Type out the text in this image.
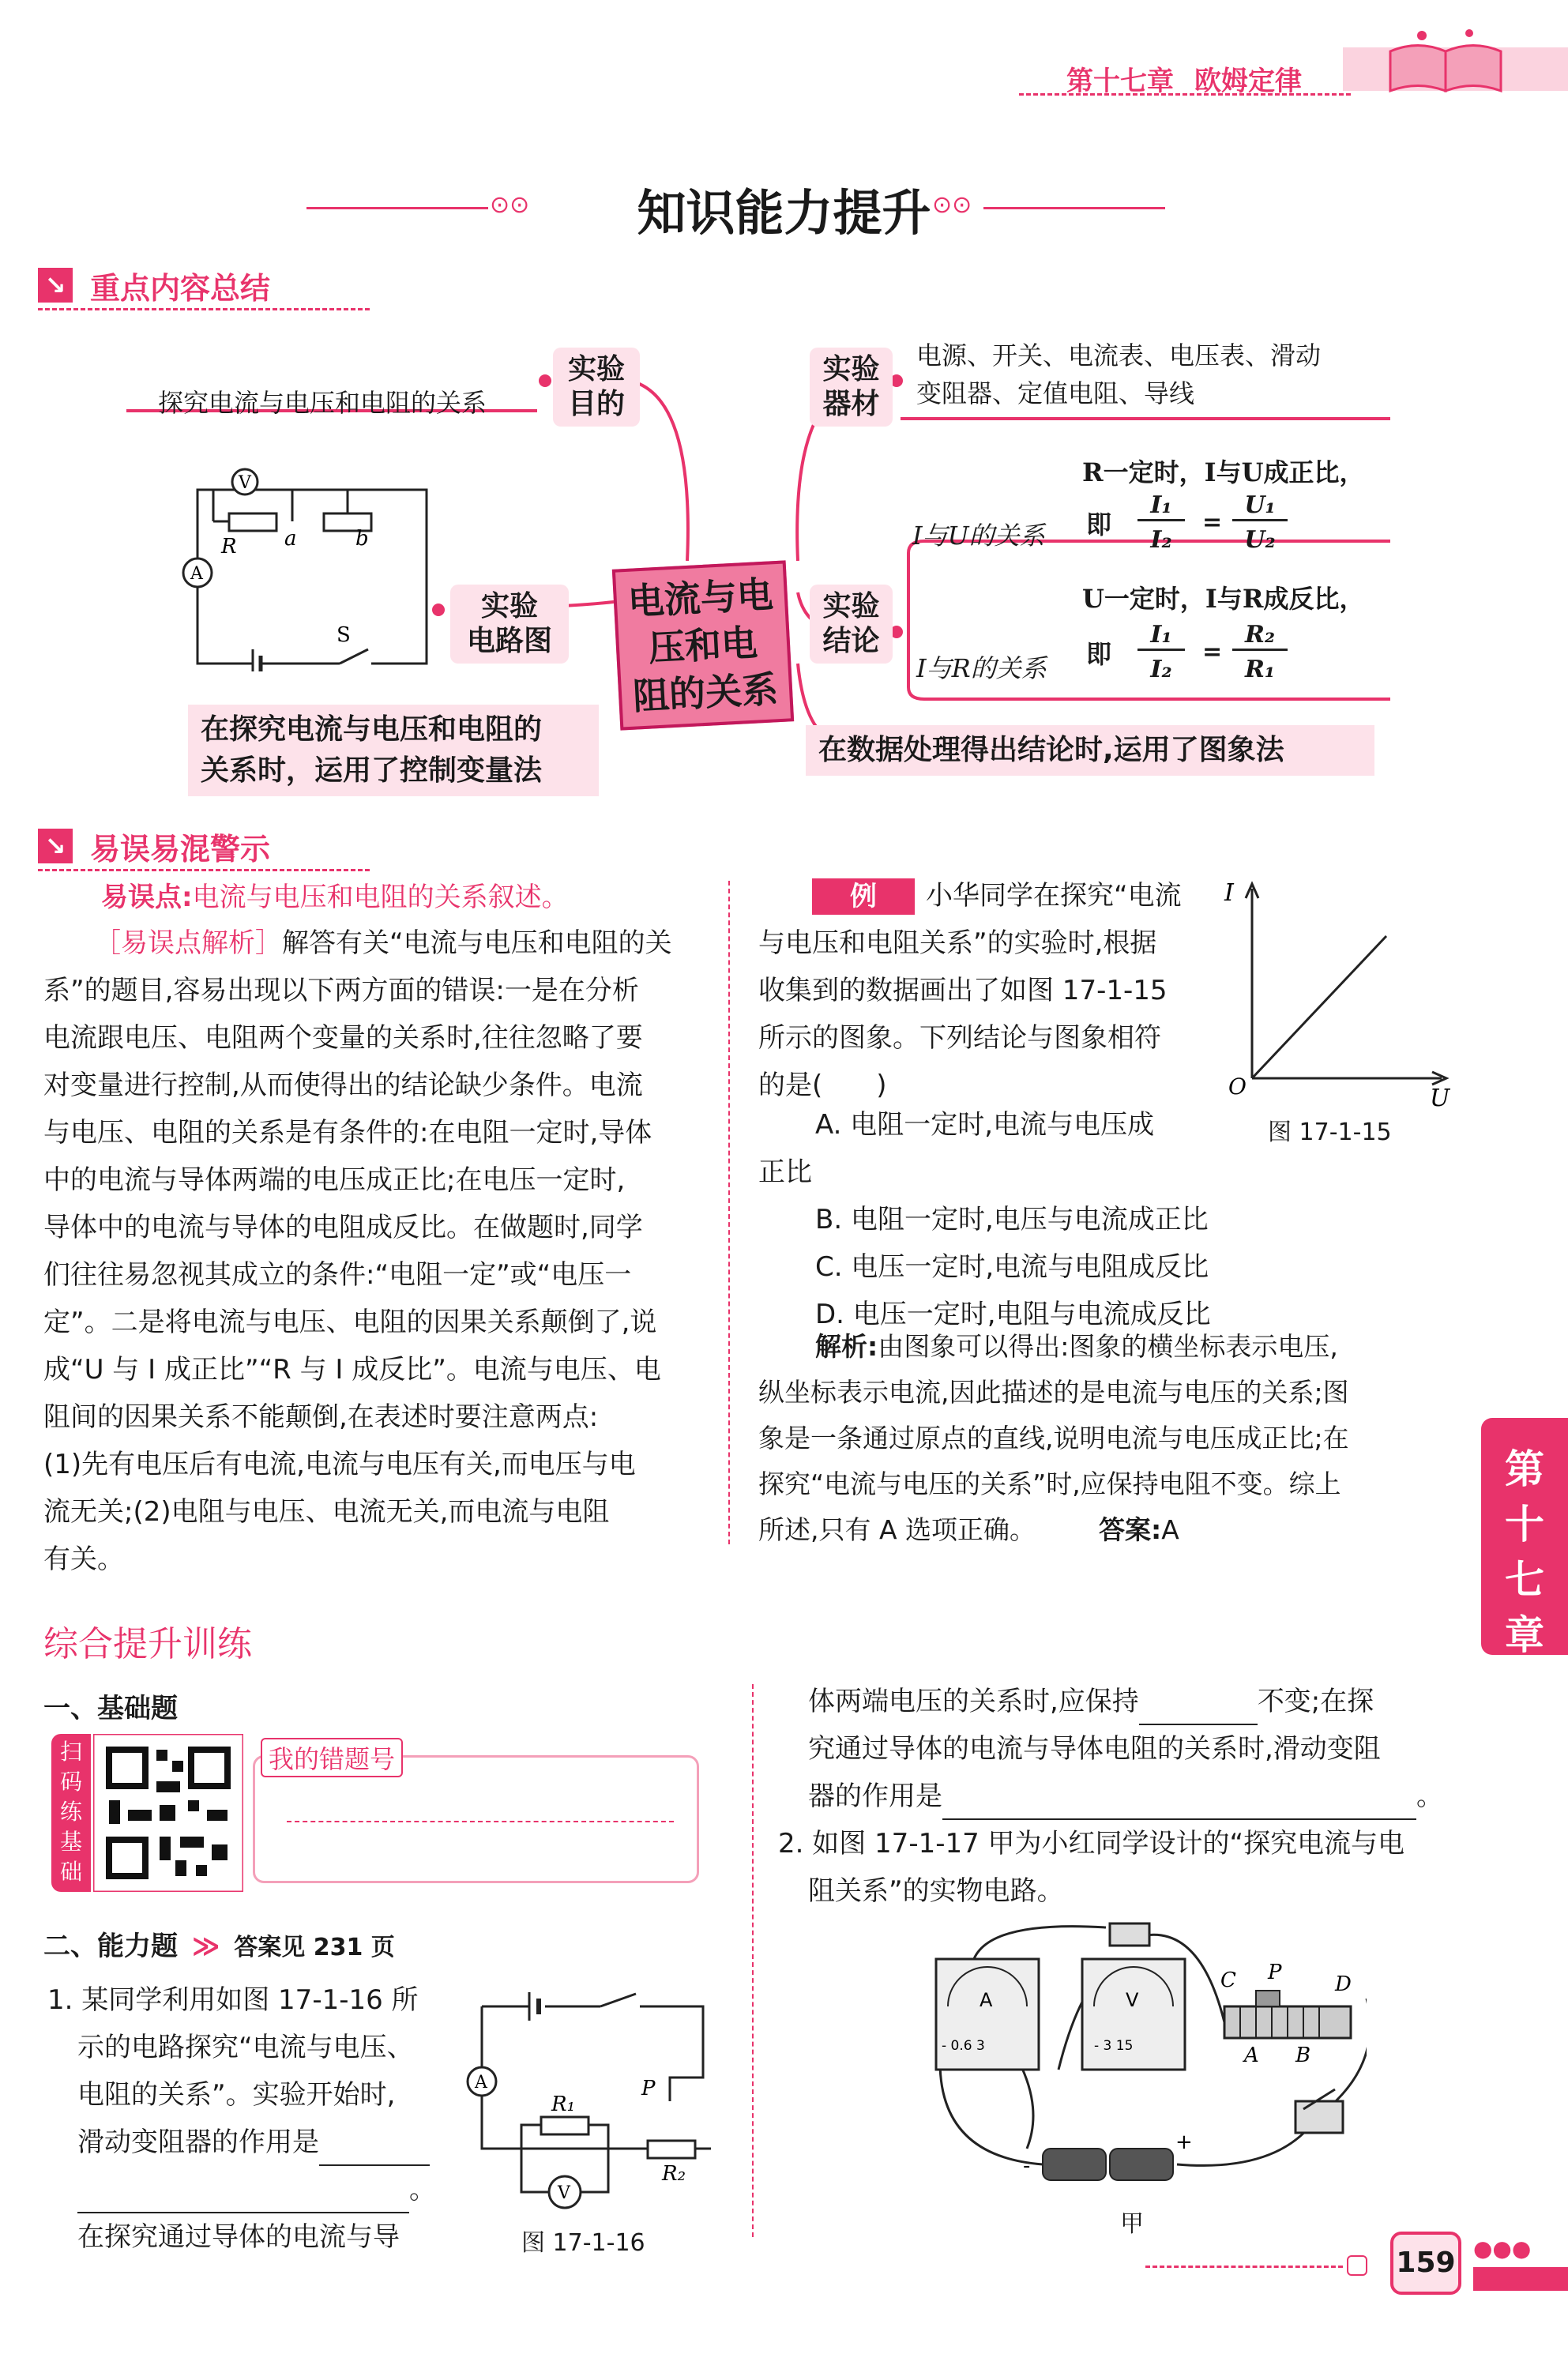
第十七章 欧姆定律
⊙⊙	知识能力提升 ⊙⊙
↘ 重点内容总结
实验
目的
探究电流与电压和电阻的关系
V
A
R a	b
S
实验
电路图
电流与电
压和电
阻的关系
实验
器材
电源、开关、电流表、电压表、滑动
变阻器、定值电阻、导线
实验
结论
I与U的关系
R一定时，I与U成正比，
即
I₁
I₂
=
U₁
U₂
I与R的关系
U一定时，I与R成反比，
即
I₁
I₂
=
R₂
R₁
在探究电流与电压和电阻的
关系时，运用了控制变量法
在数据处理得出结论时,运用了图象法
↘ 易误易混警示
易误点:电流与电压和电阻的关系叙述。
［易误点解析］解答有关“电流与电压和电阻的关
系”的题目,容易出现以下两方面的错误:一是在分析
电流跟电压、电阻两个变量的关系时,往往忽略了要
对变量进行控制,从而使得出的结论缺少条件。电流
与电压、电阻的关系是有条件的:在电阻一定时,导体
中的电流与导体两端的电压成正比;在电压一定时,
导体中的电流与导体的电阻成反比。在做题时,同学
们往往易忽视其成立的条件:“电阻一定”或“电压一
定”。二是将电流与电压、电阻的因果关系颠倒了,说
成“U 与 I 成正比”“R 与 I 成反比”。电流与电压、电
阻间的因果关系不能颠倒,在表述时要注意两点:
(1)先有电压后有电流,电流与电压有关,而电压与电
流无关;(2)电阻与电压、电流无关,而电流与电阻
有关。
例	小华同学在探究“电流
与电压和电阻关系”的实验时,根据
收集到的数据画出了如图 17-1-15
所示的图象。下列结论与图象相符
的是(　　)
I
O	U
图 17-1-15
A. 电阻一定时,电流与电压成
正比
B. 电阻一定时,电压与电流成正比
C. 电压一定时,电流与电阻成反比
D. 电压一定时,电阻与电流成反比
解析:由图象可以得出:图象的横坐标表示电压,
纵坐标表示电流,因此描述的是电流与电压的关系;图
象是一条通过原点的直线,说明电流与电压成正比;在
探究“电流与电压的关系”时,应保持电阻不变。综上
所述,只有 A 选项正确。 答案:A
第
十
七
章
综合提升训练
一、基础题
扫
码
练
基
础
我的错题号
二、能力题 ≫ 答案见 231 页
1. 某同学利用如图 17-1-16 所
示的电路探究“电流与电压、
电阻的关系”。实验开始时,
滑动变阻器的作用是
。
在探究通过导体的电流与导
A
V
R₁
R₂
P
图 17-1-16
体两端电压的关系时,应保持	不变;在探
究通过导体的电流与导体电阻的关系时,滑动变阻
器的作用是	。
2. 如图 17-1-17 甲为小红同学设计的“探究电流与电
阻关系”的实物电路。
A
- 0.6 3
V
- 3 15
C P	D
A B
-
+
甲
159 ●●●
